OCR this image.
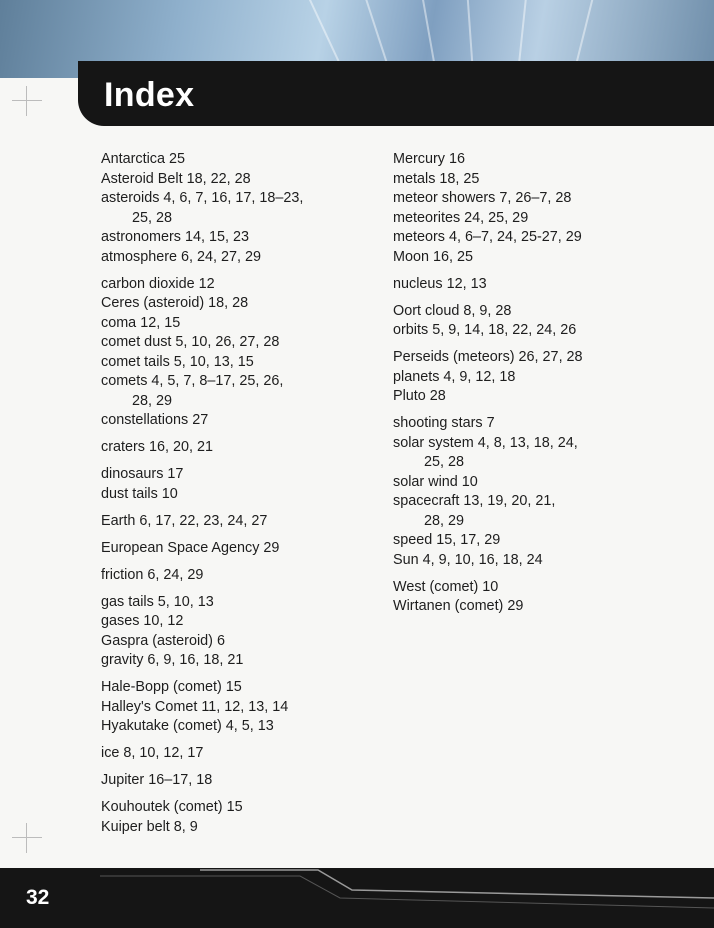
Index
Antarctica 25
Asteroid Belt 18, 22, 28
asteroids 4, 6, 7, 16, 17, 18–23,
25, 28
astronomers 14, 15, 23
atmosphere 6, 24, 27, 29
carbon dioxide 12
Ceres (asteroid) 18, 28
coma 12, 15
comet dust 5, 10, 26, 27, 28
comet tails 5, 10, 13, 15
comets 4, 5, 7, 8–17, 25, 26,
28, 29
constellations 27
craters 16, 20, 21
dinosaurs 17
dust tails 10
Earth 6, 17, 22, 23, 24, 27
European Space Agency 29
friction 6, 24, 29
gas tails 5, 10, 13
gases 10, 12
Gaspra (asteroid) 6
gravity 6, 9, 16, 18, 21
Hale-Bopp (comet) 15
Halley's Comet 11, 12, 13, 14
Hyakutake (comet) 4, 5, 13
ice 8, 10, 12, 17
Jupiter 16–17, 18
Kouhoutek (comet) 15
Kuiper belt 8, 9
Mercury 16
metals 18, 25
meteor showers 7, 26–7, 28
meteorites 24, 25, 29
meteors 4, 6–7, 24, 25-27, 29
Moon 16, 25
nucleus 12, 13
Oort cloud 8, 9, 28
orbits 5, 9, 14, 18, 22, 24, 26
Perseids (meteors) 26, 27, 28
planets 4, 9, 12, 18
Pluto 28
shooting stars 7
solar system 4, 8, 13, 18, 24,
25, 28
solar wind 10
spacecraft 13, 19, 20, 21,
28, 29
speed 15, 17, 29
Sun 4, 9, 10, 16, 18, 24
West (comet) 10
Wirtanen (comet) 29
32
